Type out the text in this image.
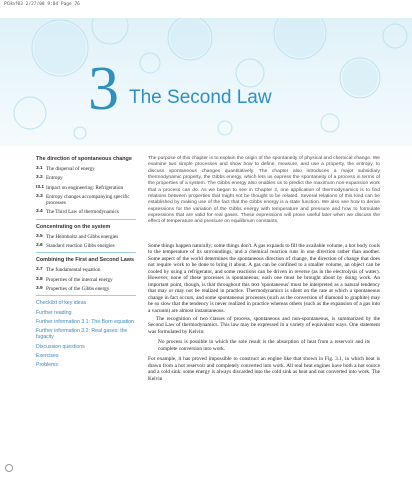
PCHaf03 2/27/08 9:04 Page 76
3 The Second Law
The direction of spontaneous change
3.1 The dispersal of energy
3.2 Entropy
I3.1 Impact on engineering: Refrigeration
3.3 Entropy changes accompanying specific processes
3.4 The Third Law of thermodynamics
Concentrating on the system
3.5 The Helmholtz and Gibbs energies
3.6 Standard reaction Gibbs energies
Combining the First and Second Laws
3.7 The fundamental equation
3.8 Properties of the internal energy
3.9 Properties of the Gibbs energy
Checklist of key ideas
Further reading
Further information 3.1: The Born equation
Further information 3.2: Real gases: the fugacity
Discussion questions
Exercises
Problems
The purpose of this chapter is to explain the origin of the spontaneity of physical and chemical change. We examine two simple processes and show how to define, measure, and use a property, the entropy, to discuss spontaneous changes quantitatively. The chapter also introduces a major subsidiary thermodynamic property, the Gibbs energy, which lets us express the spontaneity of a process in terms of the properties of a system. The Gibbs energy also enables us to predict the maximum non-expansion work that a process can do. As we began to see in Chapter 2, one application of thermodynamics is to find relations between properties that might not be thought to be related. Several relations of this kind can be established by making use of the fact that the Gibbs energy is a state function. We also see how to derive expressions for the variation of the Gibbs energy with temperature and pressure and how to formulate expressions that are valid for real gases. These expressions will prove useful later when we discuss the effect of temperature and pressure on equilibrium constants.

Some things happen naturally; some things don't. A gas expands to fill the available volume, a hot body cools to the temperature of its surroundings, and a chemical reaction runs in one direction rather than another. Some aspect of the world determines the spontaneous direction of change, the direction of change that does not require work to be done to bring it about. A gas can be confined to a smaller volume, an object can be cooled by using a refrigerator, and some reactions can be driven in reverse (as in the electrolysis of water). However, none of these processes is spontaneous; each one must be brought about by doing work. An important point, though, is that throughout this text 'spontaneous' must be interpreted as a natural tendency that may or may not be realized in practice. Thermodynamics is silent on the rate at which a spontaneous change in fact occurs, and some spontaneous processes (such as the conversion of diamond to graphite) may be so slow that the tendency is never realized in practice whereas others (such as the expansion of a gas into a vacuum) are almost instantaneous.

The recognition of two classes of process, spontaneous and non-spontaneous, is summarized by the Second Law of thermodynamics. This law may be expressed in a variety of equivalent ways. One statement was formulated by Kelvin:

No process is possible in which the sole result is the absorption of heat from a reservoir and its complete conversion into work.

For example, it has proved impossible to construct an engine like that shown in Fig. 3.1, in which heat is drawn from a hot reservoir and completely converted into work. All real heat engines have both a hot source and a cold sink; some energy is always discarded into the cold sink as heat and not converted into work. The Kelvin
